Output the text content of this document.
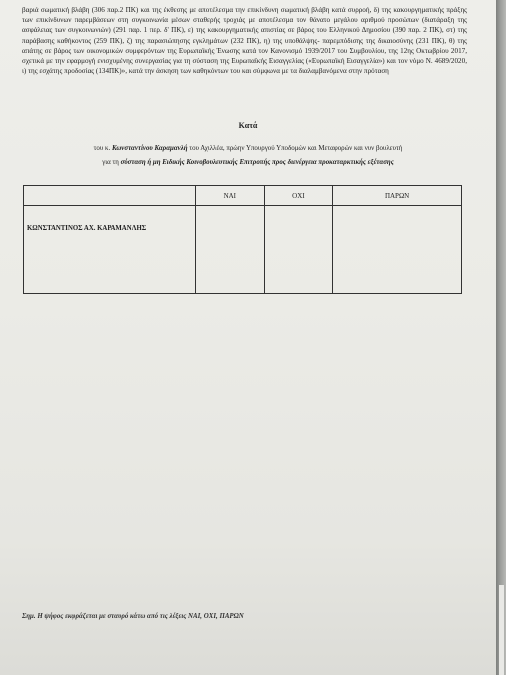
βαριά σωματική βλάβη (306 παρ.2 ΠΚ) και της έκθεσης με αποτέλεσμα την επικίνδυνη σωματική βλάβη κατά συρροή, δ) της κακουργηματικής πράξης των επικίνδυνων παρεμβάσεων στη συγκοινωνία μέσων σταθερής τροχιάς με αποτέλεσμα τον θάνατο μεγάλου αριθμού προσώπων (διατάραξη της ασφάλειας των συγκοινωνιών) (291 παρ. 1 περ. δ' ΠΚ), ε) της κακουργηματικής απιστίας σε βάρος του Ελληνικού Δημοσίου (390 παρ. 2 ΠΚ), στ) της παράβασης καθήκοντος (259 ΠΚ), ζ) της παρασιώπησης εγκλημάτων (232 ΠΚ), η) της υποθάλψης- παρεμπόδισης της δικαιοσύνης (231 ΠΚ), θ) της απάτης σε βάρος των οικονομικών συμφερόντων της Ευρωπαϊκής Ένωσης κατά τον Κανονισμό 1939/2017 του Συμβουλίου, της 12ης Οκτωβρίου 2017, σχετικά με την εφαρμογή ενισχυμένης συνεργασίας για τη σύσταση της Ευρωπαϊκής Εισαγγελίας («Ευρωπαϊκή Εισαγγελία») και τον νόμο Ν. 4689/2020, ι) της εσχάτης προδοσίας (134ΠΚ)», κατά την άσκηση των καθηκόντων του και σύμφωνα με τα διαλαμβανόμενα στην πρόταση
Κατά
του κ. Κωνσταντίνου Καραμανλή του Αχιλλέα, πρώην Υπουργού Υποδομών και Μεταφορών και νυν βουλευτή
για τη σύσταση ή μη Ειδικής Κοινοβουλευτικής Επιτροπής προς διενέργεια προκαταρκτικής εξέτασης
	ΝΑΙ	ΟΧΙ	ΠΑΡΩΝ
ΚΩΝΣΤΑΝΤΙΝΟΣ ΑΧ. ΚΑΡΑΜΑΝΛΗΣ			
Σημ. Η ψήφος εκφράζεται με σταυρό κάτω από τις λέξεις ΝΑΙ, ΟΧΙ, ΠΑΡΩΝ
